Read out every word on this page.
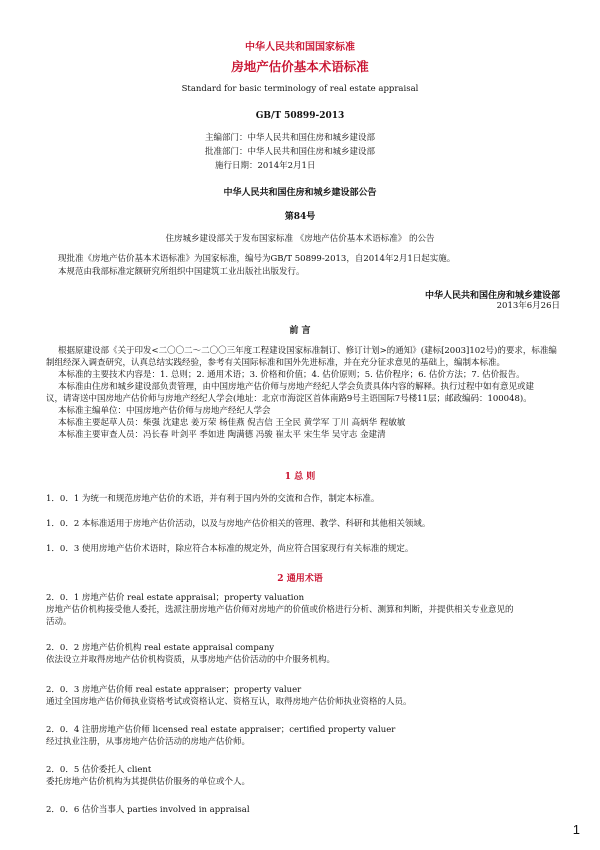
中华人民共和国国家标准
房地产估价基本术语标准
Standard for basic terminology of real estate appraisal
GB/T 50899-2013
主编部门：中华人民共和国住房和城乡建设部
批准部门：中华人民共和国住房和城乡建设部
施行日期：2014年2月1日
中华人民共和国住房和城乡建设部公告
第84号
住房城乡建设部关于发布国家标准 《房地产估价基本术语标准》 的公告
现批准《房地产估价基本术语标准》为国家标准，编号为GB/T 50899-2013，自2014年2月1日起实施。
本规范由我部标准定额研究所组织中国建筑工业出版社出版发行。
中华人民共和国住房和城乡建设部
2013年6月26日
前 言
根据原建设部《关于印发<二〇〇二～二〇〇三年度工程建设国家标准制订、修订计划>的通知》(建标[2003]102号)的要求，标准编
制组经深入调查研究，认真总结实践经验，参考有关国际标准和国外先进标准，并在充分征求意见的基础上，编制本标准。
本标准的主要技术内容是：1. 总则；2. 通用术语；3. 价格和价值；4. 估价原则；5. 估价程序；6. 估价方法；7. 估价报告。
本标准由住房和城乡建设部负责管理，由中国房地产估价师与房地产经纪人学会负责具体内容的解释。执行过程中如有意见或建
议，请寄送中国房地产估价师与房地产经纪人学会(地址：北京市海淀区首体南路9号主语国际7号楼11层；邮政编码：100048)。
本标准主编单位：中国房地产估价师与房地产经纪人学会
本标准主要起草人员：柴强 沈建忠 姜万荣 杨佳燕 倪吉信 王全民 黄学军 丁川 高炳华 程敏敏
本标准主要审查人员：冯长春 叶剑平 季如进 陶满德 冯骏 崔太平 宋生华 吴守志 金建清
1 总 则
1．0．1 为统一和规范房地产估价的术语，并有利于国内外的交流和合作，制定本标准。
1．0．2 本标准适用于房地产估价活动，以及与房地产估价相关的管理、教学、科研和其他相关领域。
1．0．3 使用房地产估价术语时，除应符合本标准的规定外，尚应符合国家现行有关标准的规定。
2 通用术语
2．0．1 房地产估价 real estate appraisal；property valuation
房地产估价机构接受他人委托，选派注册房地产估价师对房地产的价值或价格进行分析、测算和判断，并提供相关专业意见的
活动。
2．0．2 房地产估价机构 real estate appraisal company
依法设立并取得房地产估价机构资质，从事房地产估价活动的中介服务机构。
2．0．3 房地产估价师 real estate appraiser；property valuer
通过全国房地产估价师执业资格考试或资格认定、资格互认，取得房地产估价师执业资格的人员。
2．0．4 注册房地产估价师 licensed real estate appraiser；certified property valuer
经过执业注册，从事房地产估价活动的房地产估价师。
2．0．5 估价委托人 client
委托房地产估价机构为其提供估价服务的单位或个人。
2．0．6 估价当事人 parties involved in appraisal
1
